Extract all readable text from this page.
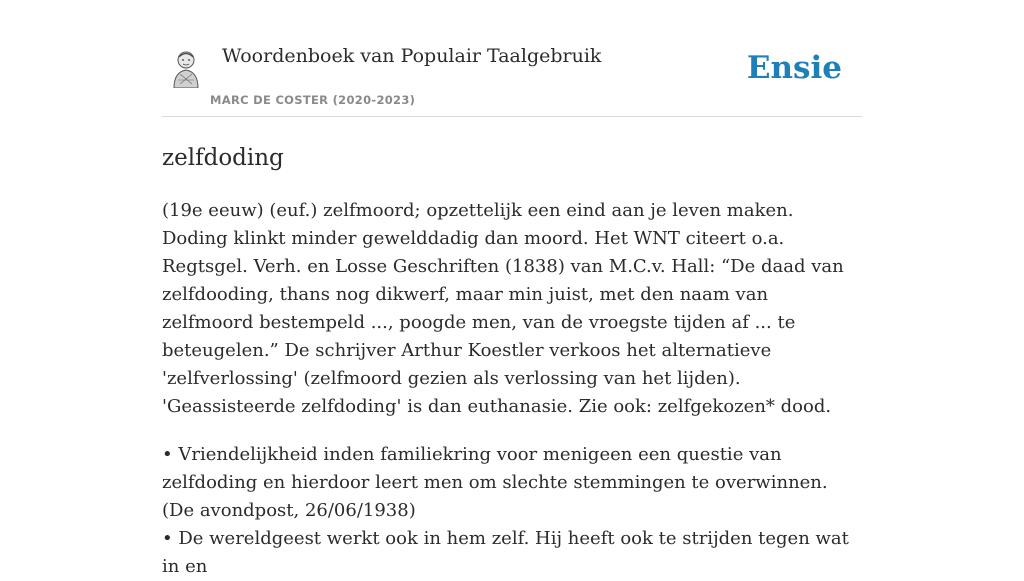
Woordenboek van Populair Taalgebruik
MARC DE COSTER (2020-2023)
Ensie
zelfdoding

(19e eeuw) (euf.) zelfmoord; opzettelijk een eind aan je leven maken. Doding klinkt minder gewelddadig dan moord. Het WNT citeert o.a. Regtsgel. Verh. en Losse Geschriften (1838) van M.C.v. Hall: “De daad van zelfdooding, thans nog dikwerf, maar min juist, met den naam van zelfmoord bestempeld ..., poogde men, van de vroegste tijden af ... te beteugelen.” De schrijver Arthur Koestler verkoos het alternatieve 'zelfverlossing' (zelfmoord gezien als verlossing van het lijden). 'Geassisteerde zelfdoding' is dan euthanasie. Zie ook: zelfgekozen* dood.

• Vriendelijkheid inden familiekring voor menigeen een questie van zelfdoding en hierdoor leert men om slechte stemmingen te overwinnen. (De avondpost, 26/06/1938)

• De wereldgeest werkt ook in hem zelf. Hij heeft ook te strijden tegen wat in en
